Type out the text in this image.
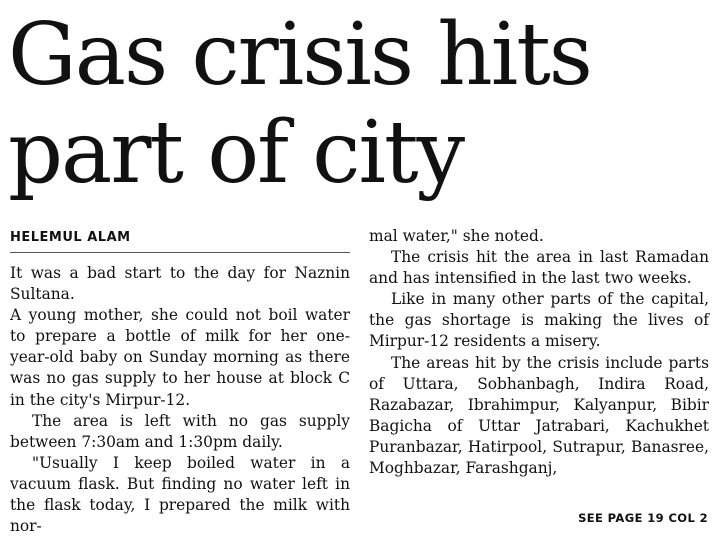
Gas crisis hits
part of city
HELEMUL ALAM

It was a bad start to the day for Naznin Sultana.

A young mother, she could not boil water to prepare a bottle of milk for her one-year-old baby on Sunday morning as there was no gas supply to her house at block C in the city's Mirpur-12.

The area is left with no gas supply between 7:30am and 1:30pm daily.

"Usually I keep boiled water in a vacuum flask. But finding no water left in the flask today, I prepared the milk with nor-

mal water," she noted.

The crisis hit the area in last Ramadan and has intensified in the last two weeks.

Like in many other parts of the capital, the gas shortage is making the lives of Mirpur-12 residents a misery.

The areas hit by the crisis include parts of Uttara, Sobhanbagh, Indira Road, Razabazar, Ibrahimpur, Kalyanpur, Bibir Bagicha of Uttar Jatrabari, Kachukhet Puranbazar, Hatirpool, Sutrapur, Banasree, Moghbazar, Farashganj,

SEE PAGE 19 COL 2
